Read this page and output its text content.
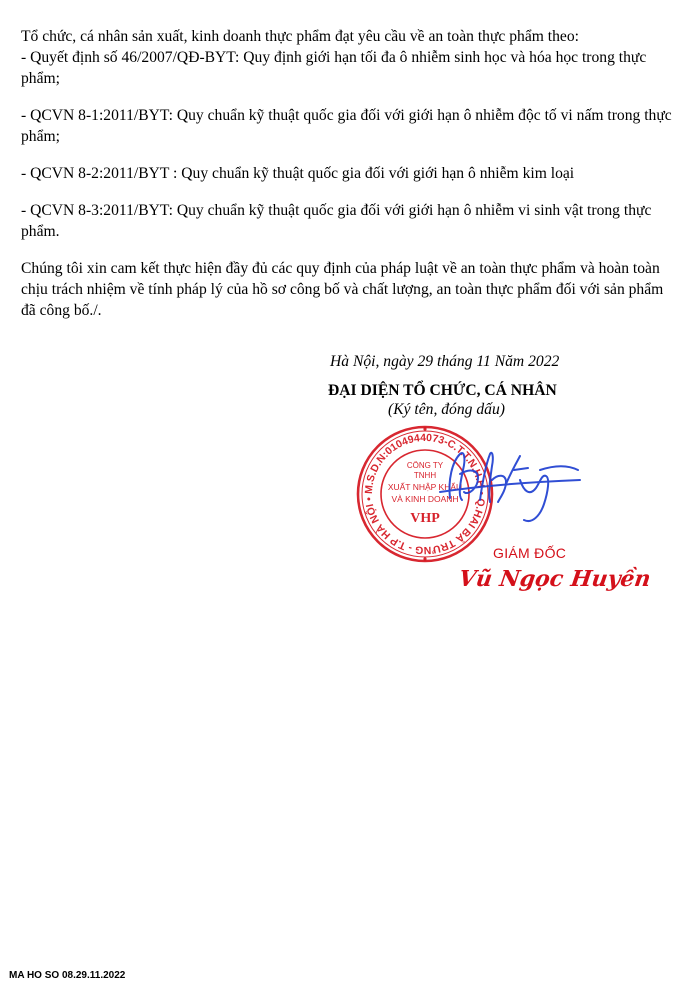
Tổ chức, cá nhân sản xuất, kinh doanh thực phẩm đạt yêu cầu về an toàn thực phẩm theo:

- Quyết định số 46/2007/QĐ-BYT: Quy định giới hạn tối đa ô nhiễm sinh học và hóa học trong thực phẩm;

- QCVN 8-1:2011/BYT: Quy chuẩn kỹ thuật quốc gia đối với giới hạn ô nhiễm độc tố vi nấm trong thực phẩm;

- QCVN 8-2:2011/BYT : Quy chuẩn kỹ thuật quốc gia đối với giới hạn ô nhiễm kim loại

- QCVN 8-3:2011/BYT: Quy chuẩn kỹ thuật quốc gia đối với giới hạn ô nhiễm vi sinh vật trong thực phẩm.

Chúng tôi xin cam kết thực hiện đầy đủ các quy định của pháp luật về an toàn thực phẩm và hoàn toàn chịu trách nhiệm về tính pháp lý của hồ sơ công bố và chất lượng, an toàn thực phẩm đối với sản phẩm đã công bố./.

Hà Nội, ngày 29 tháng 11 Năm 2022
ĐẠI DIỆN TỔ CHỨC, CÁ NHÂN
(Ký tên, đóng dấu)
M.S.D.N:0104944073-C.T.T.N.H.H • Q.HAI BÀ TRƯNG - T.P HÀ NỘI •
CÔNG TY
TNHH
XUẤT NHẬP KHẨU
VÀ KINH DOANH
VHP
GIÁM ĐỐC
Vũ Ngọc Huyền
MA HO SO 08.29.11.2022
